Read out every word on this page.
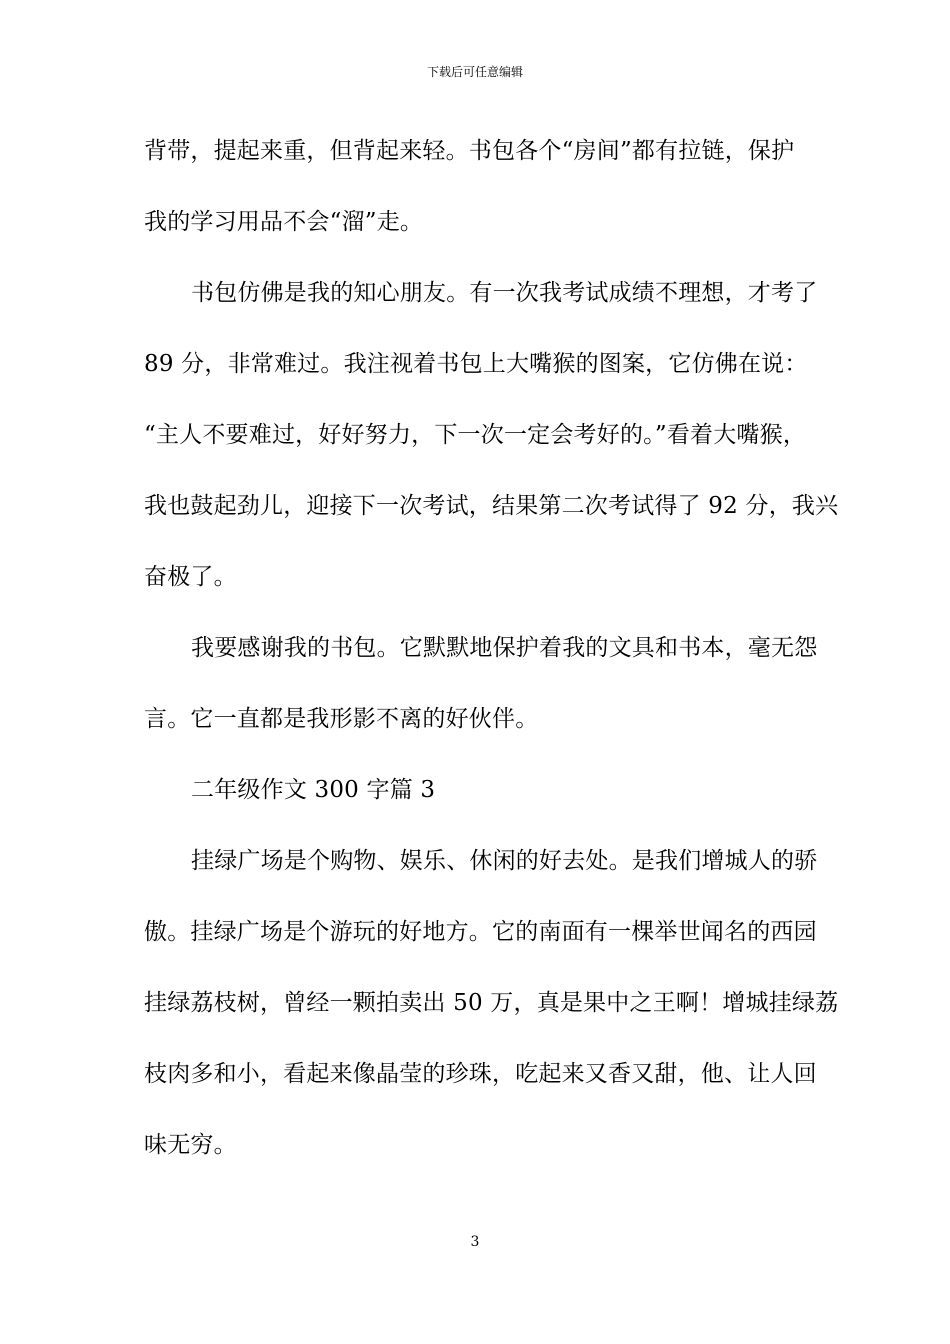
下载后可任意编辑
背带，提起来重，但背起来轻。书包各个“房间”都有拉链，保护
我的学习用品不会“溜”走。
书包仿佛是我的知心朋友。有一次我考试成绩不理想，才考了
89 分，非常难过。我注视着书包上大嘴猴的图案，它仿佛在说：
“主人不要难过，好好努力，下一次一定会考好的。”看着大嘴猴，
我也鼓起劲儿，迎接下一次考试，结果第二次考试得了 92 分，我兴
奋极了。
我要感谢我的书包。它默默地保护着我的文具和书本，毫无怨
言。它一直都是我形影不离的好伙伴。
二年级作文 300 字篇 3
挂绿广场是个购物、娱乐、休闲的好去处。是我们增城人的骄
傲。挂绿广场是个游玩的好地方。它的南面有一棵举世闻名的西园
挂绿荔枝树，曾经一颗拍卖出 50 万，真是果中之王啊！增城挂绿荔
枝肉多和小，看起来像晶莹的珍珠，吃起来又香又甜，他、让人回
味无穷。
3
